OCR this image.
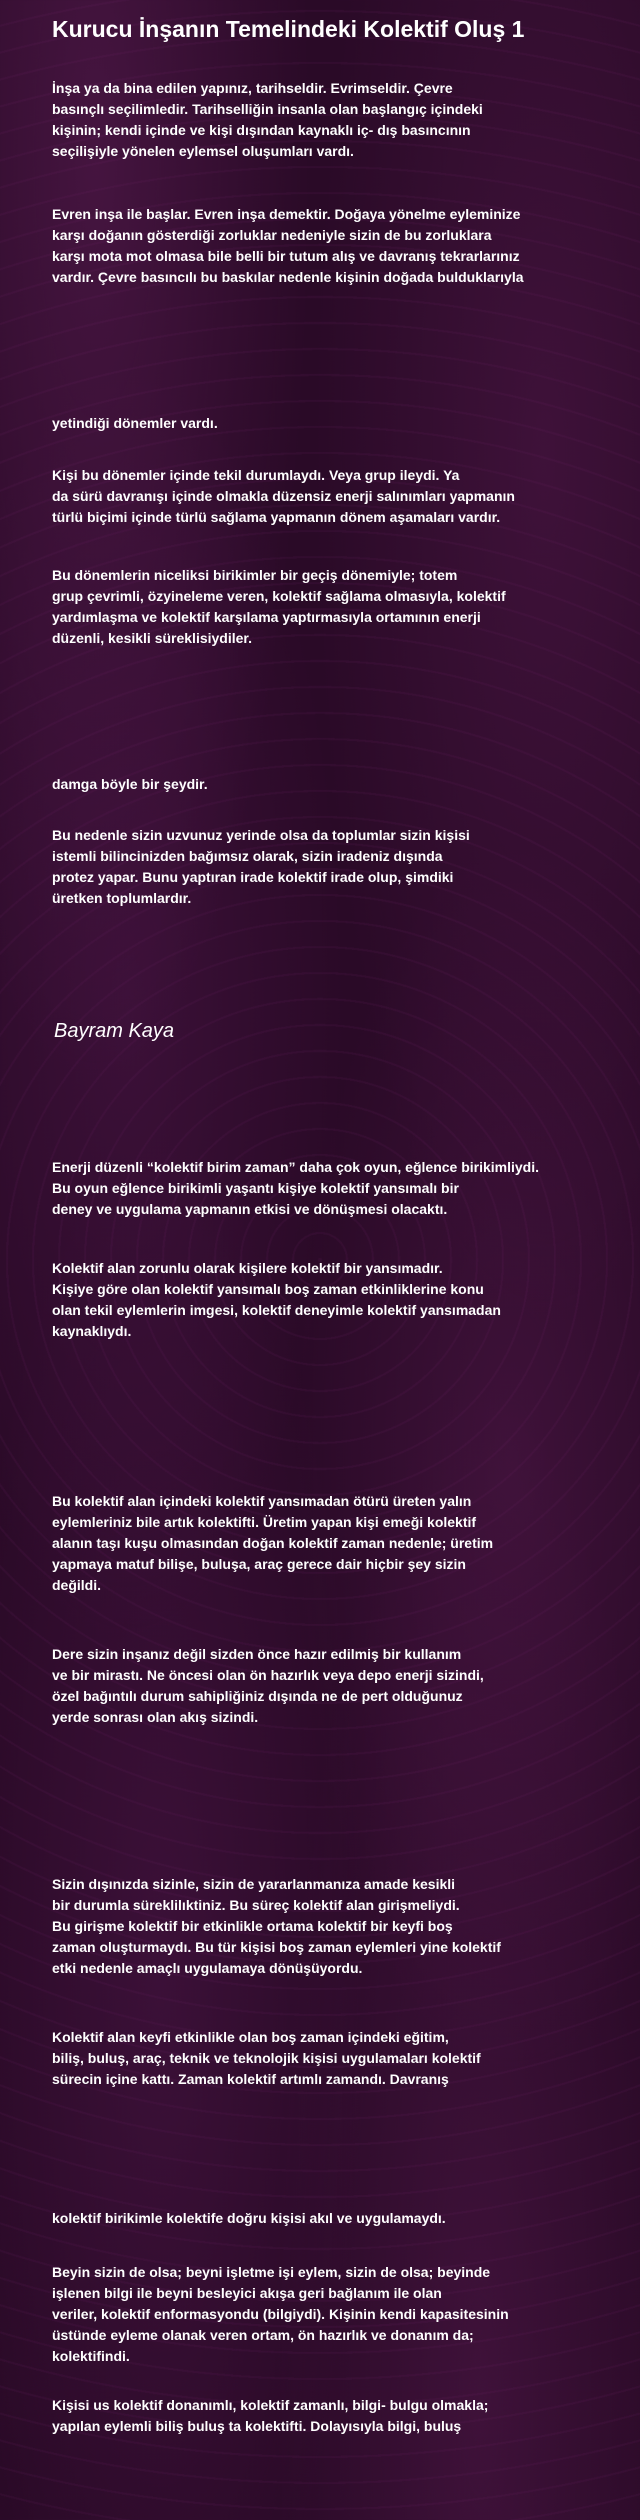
Kurucu İnşanın Temelindeki Kolektif Oluş 1

İnşa ya da bina edilen yapınız, tarihseldir. Evrimseldir. Çevre
basınçlı seçilimledir. Tarihselliğin insanla olan başlangıç içindeki
kişinin; kendi içinde ve kişi dışından kaynaklı iç- dış basıncının
seçilişiyle yönelen eylemsel oluşumları vardı.

Evren inşa ile başlar. Evren inşa demektir. Doğaya yönelme eyleminize
karşı doğanın gösterdiği zorluklar nedeniyle sizin de bu zorluklara
karşı mota mot olmasa bile belli bir tutum alış ve davranış tekrarlarınız
vardır. Çevre basıncılı bu baskılar nedenle kişinin doğada bulduklarıyla

yetindiği dönemler vardı.

Kişi bu dönemler içinde tekil durumlaydı. Veya grup ileydi. Ya
da sürü davranışı içinde olmakla düzensiz enerji salınımları yapmanın
türlü biçimi içinde türlü sağlama yapmanın dönem aşamaları vardır.

Bu dönemlerin niceliksi birikimler bir geçiş dönemiyle; totem
grup çevrimli, özyineleme veren, kolektif sağlama olmasıyla, kolektif
yardımlaşma ve kolektif karşılama yaptırmasıyla ortamının enerji
düzenli, kesikli süreklisiydiler.

damga böyle bir şeydir.

Bu nedenle sizin uzvunuz yerinde olsa da toplumlar sizin kişisi
istemli bilincinizden bağımsız olarak, sizin iradeniz dışında
protez yapar. Bunu yaptıran irade kolektif irade olup, şimdiki
üretken toplumlardır.

Bayram Kaya

Enerji düzenli “kolektif birim zaman” daha çok oyun, eğlence birikimliydi.
Bu oyun eğlence birikimli yaşantı kişiye kolektif yansımalı bir
deney ve uygulama yapmanın etkisi ve dönüşmesi olacaktı.

Kolektif alan zorunlu olarak kişilere kolektif bir yansımadır.
Kişiye göre olan kolektif yansımalı boş zaman etkinliklerine konu
olan tekil eylemlerin imgesi, kolektif deneyimle kolektif yansımadan
kaynaklıydı.

Bu kolektif alan içindeki kolektif yansımadan ötürü üreten yalın
eylemleriniz bile artık kolektifti. Üretim yapan kişi emeği kolektif
alanın taşı kuşu olmasından doğan kolektif zaman nedenle; üretim
yapmaya matuf bilişe, buluşa, araç gerece dair hiçbir şey sizin
değildi.

Dere sizin inşanız değil sizden önce hazır edilmiş bir kullanım
ve bir mirastı. Ne öncesi olan ön hazırlık veya depo enerji sizindi,
özel bağıntılı durum sahipliğiniz dışında ne de pert olduğunuz
yerde sonrası olan akış sizindi.

Sizin dışınızda sizinle, sizin de yararlanmanıza amade kesikli
bir durumla süreklilıktiniz. Bu süreç kolektif alan girişmeliydi.
Bu girişme kolektif bir etkinlikle ortama kolektif bir keyfi boş
zaman oluşturmaydı. Bu tür kişisi boş zaman eylemleri yine kolektif
etki nedenle amaçlı uygulamaya dönüşüyordu.

Kolektif alan keyfi etkinlikle olan boş zaman içindeki eğitim,
biliş, buluş, araç, teknik ve teknolojik kişisi uygulamaları kolektif
sürecin içine kattı. Zaman kolektif artımlı zamandı. Davranış

kolektif birikimle kolektife doğru kişisi akıl ve uygulamaydı.

Beyin sizin de olsa; beyni işletme işi eylem, sizin de olsa; beyinde
işlenen bilgi ile beyni besleyici akışa geri bağlanım ile olan
veriler, kolektif enformasyondu (bilgiydi). Kişinin kendi kapasitesinin
üstünde eyleme olanak veren ortam, ön hazırlık ve donanım da;
kolektifindi.

Kişisi us kolektif donanımlı, kolektif zamanlı, bilgi- bulgu olmakla;
yapılan eylemli biliş buluş ta kolektifti. Dolayısıyla bilgi, buluş
